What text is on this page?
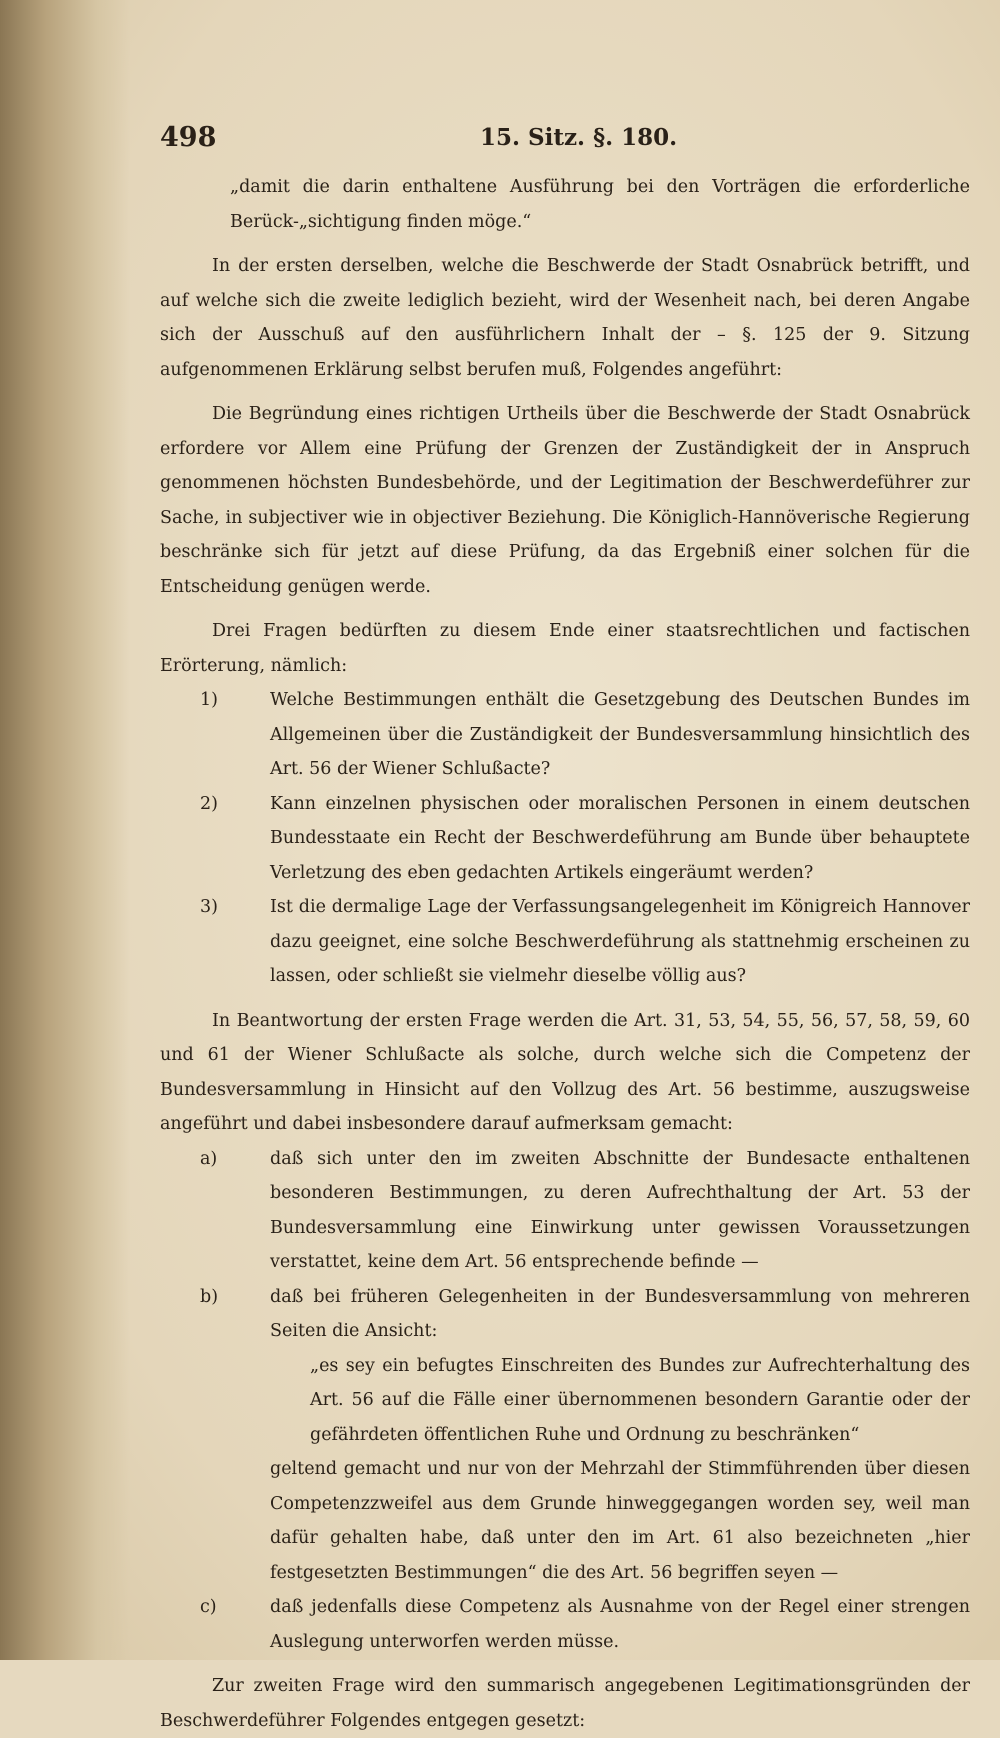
498	15. Sitz. §. 180.

„damit die darin enthaltene Ausführung bei den Vorträgen die erforderliche Berück-„sichtigung finden möge.“

In der ersten derselben, welche die Beschwerde der Stadt Osnabrück betrifft, und auf welche sich die zweite lediglich bezieht, wird der Wesenheit nach, bei deren Angabe sich der Ausschuß auf den ausführlichern Inhalt der – §. 125 der 9. Sitzung aufgenommenen Erklärung selbst berufen muß, Folgendes angeführt:

Die Begründung eines richtigen Urtheils über die Beschwerde der Stadt Osnabrück erfordere vor Allem eine Prüfung der Grenzen der Zuständigkeit der in Anspruch genommenen höchsten Bundesbehörde, und der Legitimation der Beschwerdeführer zur Sache, in subjectiver wie in objectiver Beziehung. Die Königlich-Hannöverische Regierung beschränke sich für jetzt auf diese Prüfung, da das Ergebniß einer solchen für die Entscheidung genügen werde.

Drei Fragen bedürften zu diesem Ende einer staatsrechtlichen und factischen Erörterung, nämlich:

1)	Welche Bestimmungen enthält die Gesetzgebung des Deutschen Bundes im Allgemeinen über die Zuständigkeit der Bundesversammlung hinsichtlich des Art. 56 der Wiener Schlußacte?
2)	Kann einzelnen physischen oder moralischen Personen in einem deutschen Bundesstaate ein Recht der Beschwerdeführung am Bunde über behauptete Verletzung des eben gedachten Artikels eingeräumt werden?
3)	Ist die dermalige Lage der Verfassungsangelegenheit im Königreich Hannover dazu geeignet, eine solche Beschwerdeführung als stattnehmig erscheinen zu lassen, oder schließt sie vielmehr dieselbe völlig aus?

In Beantwortung der ersten Frage werden die Art. 31, 53, 54, 55, 56, 57, 58, 59, 60 und 61 der Wiener Schlußacte als solche, durch welche sich die Competenz der Bundesversammlung in Hinsicht auf den Vollzug des Art. 56 bestimme, auszugsweise angeführt und dabei insbesondere darauf aufmerksam gemacht:

a)	daß sich unter den im zweiten Abschnitte der Bundesacte enthaltenen besonderen Bestimmungen, zu deren Aufrechthaltung der Art. 53 der Bundesversammlung eine Einwirkung unter gewissen Voraussetzungen verstattet, keine dem Art. 56 entsprechende befinde —
b)	daß bei früheren Gelegenheiten in der Bundesversammlung von mehreren Seiten die Ansicht:
„es sey ein befugtes Einschreiten des Bundes zur Aufrechterhaltung des Art. 56 auf die Fälle einer übernommenen besondern Garantie oder der gefährdeten öffentlichen Ruhe und Ordnung zu beschränken“
geltend gemacht und nur von der Mehrzahl der Stimmführenden über diesen Competenzzweifel aus dem Grunde hinweggegangen worden sey, weil man dafür gehalten habe, daß unter den im Art. 61 also bezeichneten „hier festgesetzten Bestimmungen“ die des Art. 56 begriffen seyen —
c)	daß jedenfalls diese Competenz als Ausnahme von der Regel einer strengen Auslegung unterworfen werden müsse.

Zur zweiten Frage wird den summarisch angegebenen Legitimationsgründen der Beschwerdeführer Folgendes entgegen gesetzt:
